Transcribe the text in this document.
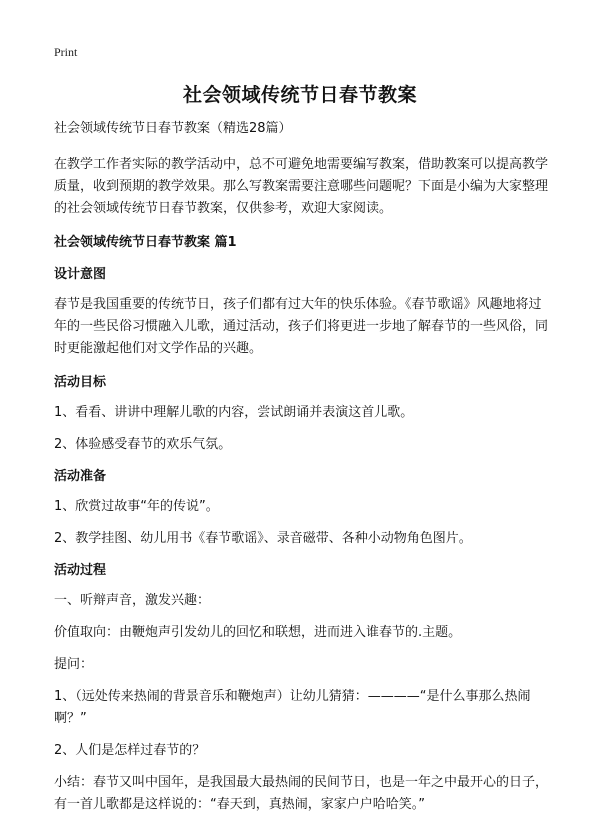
Print
社会领域传统节日春节教案

社会领域传统节日春节教案（精选28篇）

在教学工作者实际的教学活动中，总不可避免地需要编写教案，借助教案可以提高教学质量，收到预期的教学效果。那么写教案需要注意哪些问题呢？下面是小编为大家整理的社会领域传统节日春节教案，仅供参考，欢迎大家阅读。

社会领域传统节日春节教案 篇1
设计意图

春节是我国重要的传统节日，孩子们都有过大年的快乐体验。《春节歌谣》风趣地将过年的一些民俗习惯融入儿歌，通过活动，孩子们将更进一步地了解春节的一些风俗，同时更能激起他们对文学作品的兴趣。

活动目标

1、看看、讲讲中理解儿歌的内容，尝试朗诵并表演这首儿歌。

2、体验感受春节的欢乐气氛。

活动准备

1、欣赏过故事“年的传说”。

2、教学挂图、幼儿用书《春节歌谣》、录音磁带、各种小动物角色图片。

活动过程

一、听辩声音，激发兴趣：

价值取向：由鞭炮声引发幼儿的回忆和联想，进而进入谁春节的.主题。

提问：

1、（远处传来热闹的背景音乐和鞭炮声）让幼儿猜猜：————“是什么事那么热闹啊？”

2、人们是怎样过春节的？

小结：春节又叫中国年，是我国最大最热闹的民间节日，也是一年之中最开心的日子，有一首儿歌都是这样说的：“春天到，真热闹，家家户户哈哈笑。”
